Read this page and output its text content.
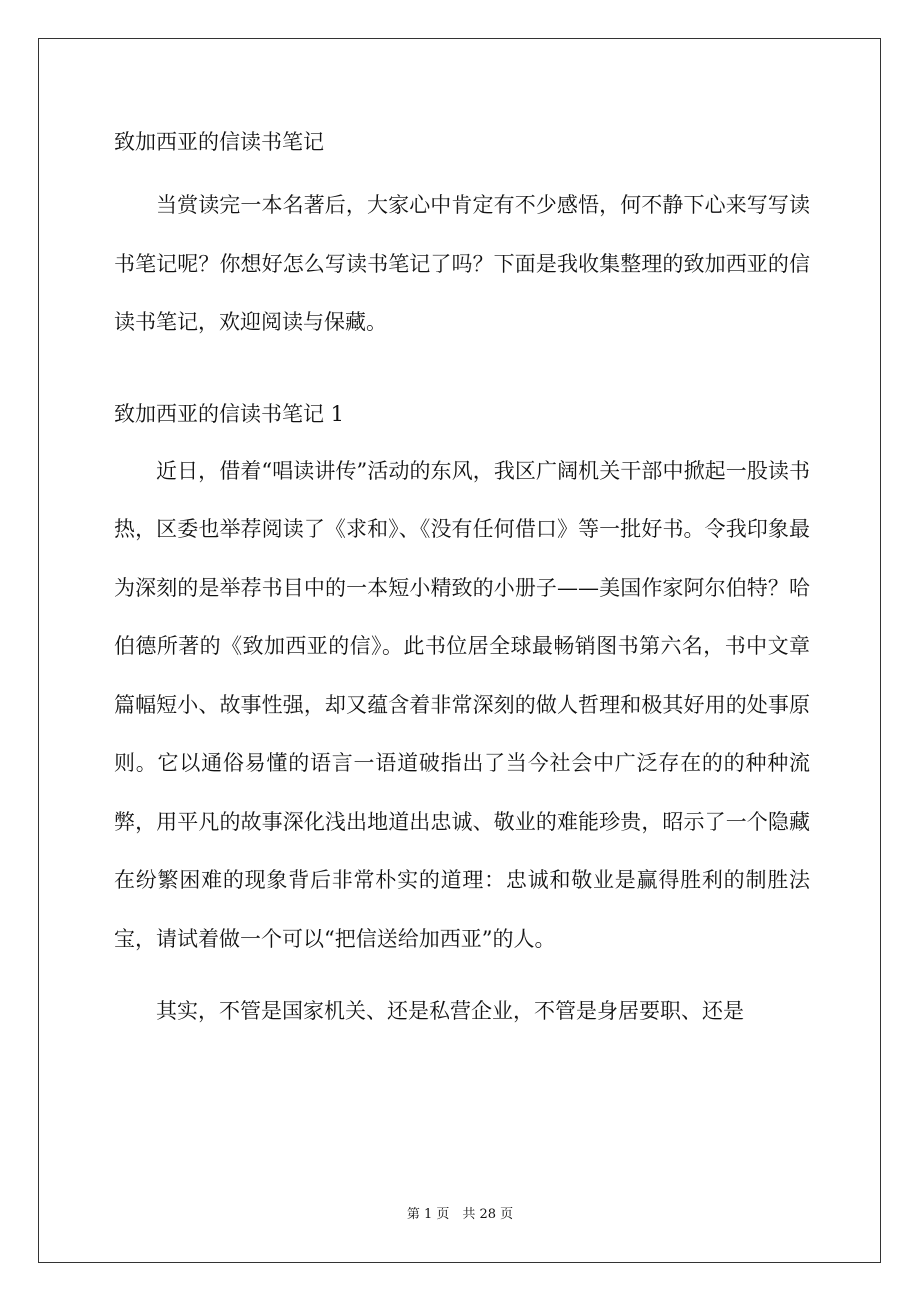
致加西亚的信读书笔记

当赏读完一本名著后，大家心中肯定有不少感悟，何不静下心来写写读书笔记呢？你想好怎么写读书笔记了吗？下面是我收集整理的致加西亚的信读书笔记，欢迎阅读与保藏。

致加西亚的信读书笔记 1

近日，借着“唱读讲传”活动的东风，我区广阔机关干部中掀起一股读书热，区委也举荐阅读了《求和》、《没有任何借口》等一批好书。令我印象最为深刻的是举荐书目中的一本短小精致的小册子——美国作家阿尔伯特？哈伯德所著的《致加西亚的信》。此书位居全球最畅销图书第六名，书中文章篇幅短小、故事性强，却又蕴含着非常深刻的做人哲理和极其好用的处事原则。它以通俗易懂的语言一语道破指出了当今社会中广泛存在的的种种流弊，用平凡的故事深化浅出地道出忠诚、敬业的难能珍贵，昭示了一个隐藏在纷繁困难的现象背后非常朴实的道理：忠诚和敬业是赢得胜利的制胜法宝，请试着做一个可以“把信送给加西亚”的人。

其实，不管是国家机关、还是私营企业，不管是身居要职、还是

第 1 页　共 28 页
